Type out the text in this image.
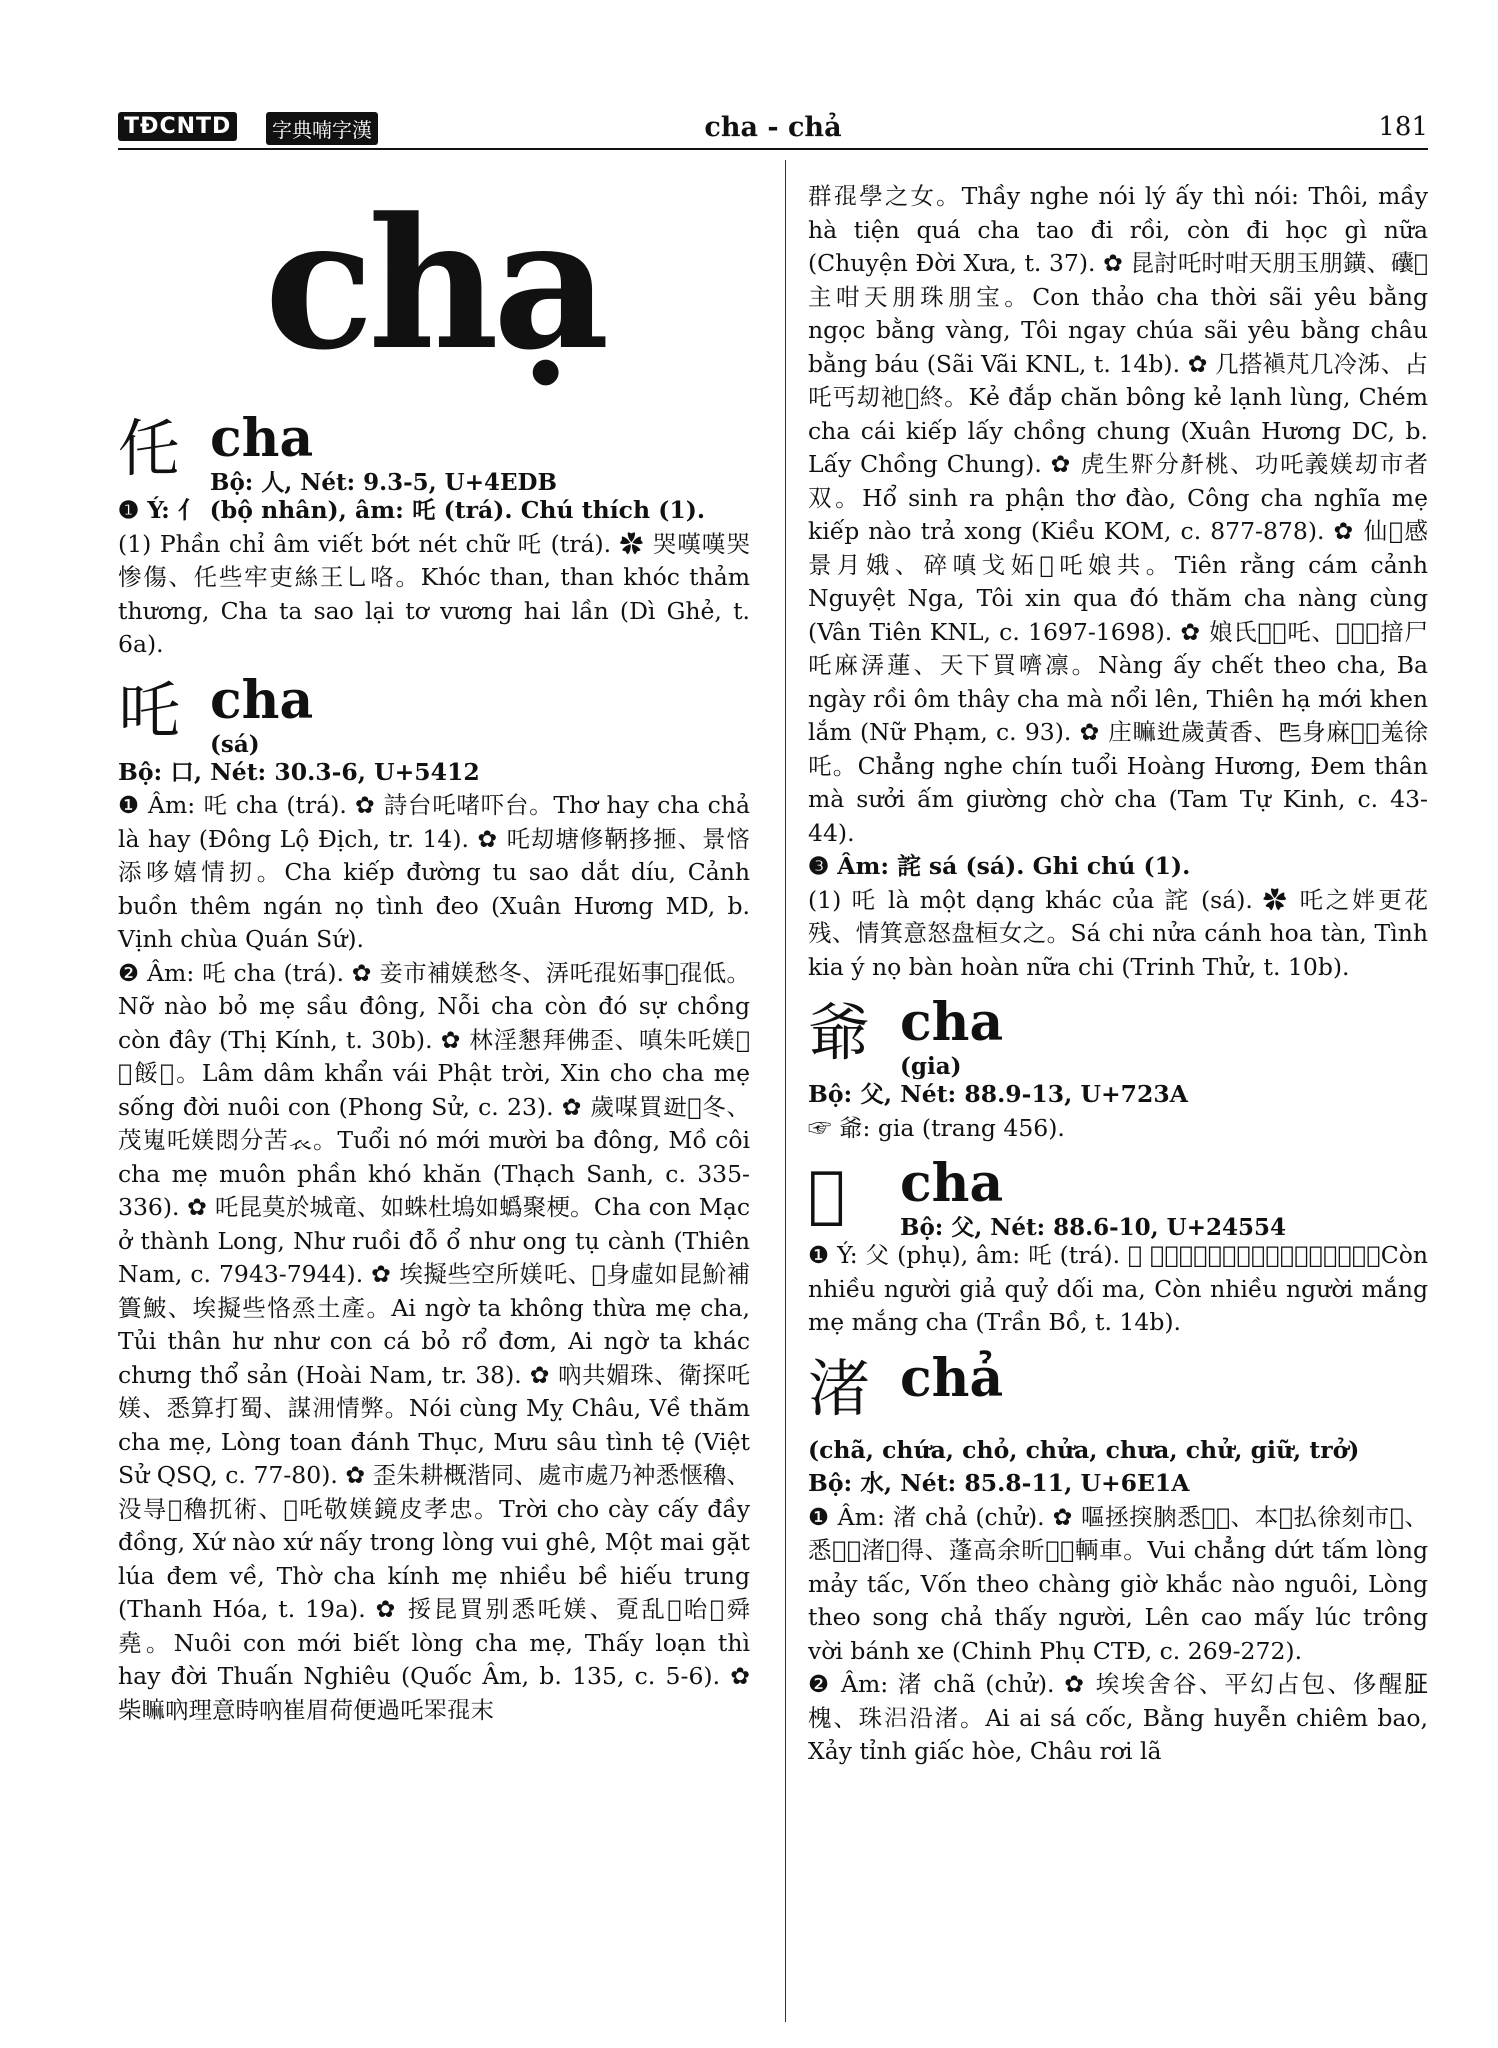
TĐCNTD	字典喃字漢	cha - chả	181
chạ
仛 cha
Bộ: 人, Nét: 9.3-5, U+4EDB

❶ Ý: 亻 (bộ nhân), âm: 吒 (trá). Chú thích (1).

(1) Phần chỉ âm viết bớt nét chữ 吒 (trá). ✿ 哭嘆嘆哭惨傷、仛些牢吏絲王乚咯。Khóc than, than khóc thảm thương, Cha ta sao lại tơ vương hai lần (Dì Ghẻ, t. 6a).

吒 cha
(sá)

Bộ: 口, Nét: 30.3-6, U+5412

❶ Âm: 吒 cha (trá). ✿ 詩台吒啫吓台。Thơ hay cha chả là hay (Đông Lộ Địch, tr. 14). ✿ 吒刧塘修鞆拸㧜、景悋添哆嬉情扨。Cha kiếp đường tu sao dắt díu, Cảnh buồn thêm ngán nọ tình đeo (Xuân Hương MD, b. Vịnh chùa Quán Sứ).

❷ Âm: 吒 cha (trá). ✿ 妾市補媄愁冬、㳥吒𡥵妬事𢬣𡥵低。Nỡ nào bỏ mẹ sầu đông, Nỗi cha còn đó sự chồng còn đây (Thị Kính, t. 30b). ✿ 林淫懇拜佛歪、嗔朱吒媄𤯩𦷾餒𡥵。Lâm dâm khẩn vái Phật trời, Xin cho cha mẹ sống đời nuôi con (Phong Sử, c. 23). ✿ 歲㖼買𨒒𠃣冬、茂嵬吒媄悶分苦𧘇。Tuổi nó mới mười ba đông, Mồ côi cha mẹ muôn phần khó khăn (Thạch Sanh, c. 335-336). ✿ 吒昆莫於城竜、如蛛杜塢如蟡聚梗。Cha con Mạc ở thành Long, Như ruồi đỗ ổ như ong tụ cành (Thiên Nam, c. 7943-7944). ✿ 埃擬些空所媄吒、𨉟身虛如昆魪補簣鮍、埃擬些恪烝土產。Ai ngờ ta không thừa mẹ cha, Tủi thân hư như con cá bỏ rổ đơm, Ai ngờ ta khác chưng thổ sản (Hoài Nam, tr. 38). ✿ 吶共媚珠、衛探吒媄、悉算打蜀、謀𣳔情弊。Nói cùng Mỵ Châu, Về thăm cha mẹ, Lòng toan đánh Thục, Mưu sâu tình tệ (Việt Sử QSQ, c. 77-80). ✿ 歪朱耕概湝同、處市處乃衶悉惬穭、没㝵𢷀穭扤術、𧍋吒敬媄鏡皮孝忠。Trời cho cày cấy đầy đồng, Xứ nào xứ nấy trong lòng vui ghê, Một mai gặt lúa đem về, Thờ cha kính mẹ nhiều bề hiếu trung (Thanh Hóa, t. 19a). ✿ 挼昆買别悉吒媄、覔乱𠳨咍𦷾舜堯。Nuôi con mới biết lòng cha mẹ, Thấy loạn thì hay đời Thuấn Nghiêu (Quốc Âm, b. 135, c. 5-6). ✿ 柴𥊚吶理意時吶崔眉荷便過吒𦊚𡥵末

群𡥵學之女。Thầy nghe nói lý ấy thì nói: Thôi, mầy hà tiện quá cha tao đi rồi, còn đi học gì nữa (Chuyện Đời Xưa, t. 37). ✿ 昆討吒时咁天朋玉朋鐄、𥗾𡊲主咁天朋珠朋宝。Con thảo cha thời sãi yêu bằng ngọc bằng vàng, Tôi ngay chúa sãi yêu bằng châu bằng báu (Sãi Vãi KNL, t. 14b). ✿ 几搭𧜖芃几冷泲、占吒丐刧祂𧺀終。Kẻ đắp chăn bông kẻ lạnh lùng, Chém cha cái kiếp lấy chồng chung (Xuân Hương DC, b. Lấy Chồng Chung). ✿ 虎生𤲂分𠦳桃、功吒義媄刧市者双。Hổ sinh ra phận thơ đào, Công cha nghĩa mẹ kiếp nào trả xong (Kiều KOM, c. 877-878). ✿ 仙𠳒感景月娥、碎嗔戈妬𡎝吒娘共。Tiên rằng cám cảnh Nguyệt Nga, Tôi xin qua đó thăm cha nàng cùng (Vân Tiên KNL, c. 1697-1698). ✿ 娘氏𣩂𠫾吒、𠀧𣈜𡢐揞尸吒麻㳥蓮、天下買嚌凛。Nàng ấy chết theo cha, Ba ngày rồi ôm thây cha mà nổi lên, Thiên hạ mới khen lắm (Nữ Phạm, c. 93). ✿ 庄𥊚𨑮歲黃香、𠀧身麻𤐜𣉹羗徐吒。Chẳng nghe chín tuổi Hoàng Hương, Đem thân mà sưởi ấm giường chờ cha (Tam Tự Kinh, c. 43-44).

❸ Âm: 詫 sá (sá). Ghi chú (1).

(1) 吒 là một dạng khác của 詫 (sá). ✿ 吒之姅更花残、情箕意怒盘桓女之。Sá chi nửa cánh hoa tàn, Tình kia ý nọ bàn hoàn nữa chi (Trinh Thử, t. 10b).

爺 cha
(gia)

Bộ: 父, Nét: 88.9-13, U+723A

☞ 爺: gia (trang 456).

𤕔 cha
Bộ: 父, Nét: 88.6-10, U+24554

❶ Ý: 父 (phụ), âm: 吒 (trá). ✿ 𡗊魑𩲡假鬼𡁛魔、𡗊魑𩲡𠸍媄𠸍𤕔。Còn nhiều người giả quỷ dối ma, Còn nhiều người mắng mẹ mắng cha (Trần Bồ, t. 14b).

渚 chả

(chã, chứa, chỏ, chửa, chưa, chử, giữ, trở)

Bộ: 水, Nét: 85.8-11, U+6E1A

❶ Âm: 渚 chả (chử). ✿ 嘔拯揬朒悉𠃣𡨸、本𨆷払徐刻市𢥈、悉𨆷𩇢渚𥊛得、蓬高余昕𨋤𩛷輌車。Vui chẳng dứt tấm lòng mảy tấc, Vốn theo chàng giờ khắc nào nguôi, Lòng theo song chả thấy người, Lên cao mấy lúc trông vời bánh xe (Chinh Phụ CTĐ, c. 269-272).

❷ Âm: 渚 chã (chử). ✿ 埃埃舍谷、平幻占包、侈醒𦙫槐、珠𣳮沿渚。Ai ai sá cốc, Bằng huyễn chiêm bao, Xảy tỉnh giấc hòe, Châu rơi lã
